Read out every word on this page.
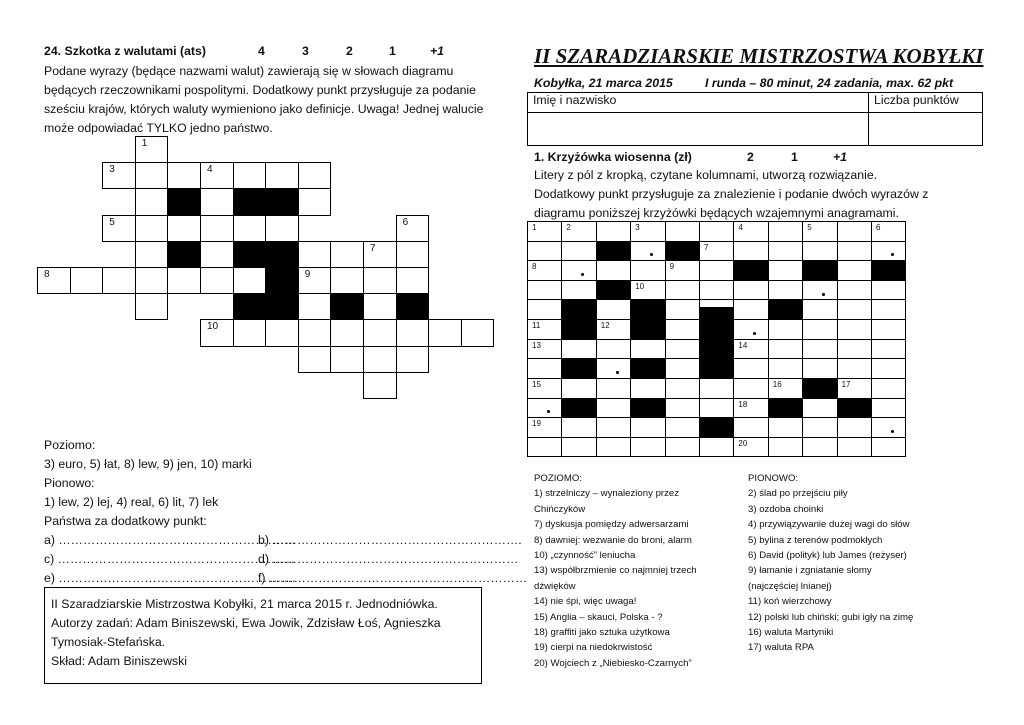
24. Szkotka z walutami (ats)	4	3	2	1	+1
Podane wyrazy (będące nazwami walut) zawierają się w słowach diagramu
będących rzeczownikami pospolitymi. Dodatkowy punkt przysługuje za podanie
sześciu krajów, których waluty wymieniono jako definicje. Uwaga! Jednej walucie
może odpowiadać TYLKO jedno państwo.
1
3	4
5	6
7
8	9
10
Poziomo:
3) euro, 5) łat, 8) lew, 9) jen, 10) marki
Pionowo:
1) lew, 2) lej, 4) real, 6) lit, 7) lek
Państwa za dodatkowy punkt:
a) ………………………………………………….
b) …………………………………………………….
c) ………………………………………………….
d) ……………………………………………………
e) ………………………………………………….
f) ………………………………………………………
II Szaradziarskie Mistrzostwa Kobyłki, 21 marca 2015 r. Jednodniówka.
Autorzy zadań: Adam Biniszewski, Ewa Jowik, Zdzisław Łoś, Agnieszka
Tymosiak-Stefańska.
Skład: Adam Biniszewski
II SZARADZIARSKIE MISTRZOSTWA KOBYŁKI
Kobyłka, 21 marca 2015	I runda – 80 minut, 24 zadania, max. 62 pkt
Imię i nazwisko	Liczba punktów

1. Krzyżówka wiosenna (zł)	2	1	+1
Litery z pól z kropką, czytane kolumnami, utworzą rozwiązanie.
Dodatkowy punkt przysługuje za znalezienie i podanie dwóch wyrazów z
diagramu poniższej krzyżówki będących wzajemnymi anagramami.
1	2	3	4	5	6
7
8	9
10
11	12
13	14
15	16	17
18
19
20
POZIOMO:
1) strzelniczy – wynaleziony przez
Chińczyków
7) dyskusja pomiędzy adwersarzami
8) dawniej: wezwanie do broni, alarm
10) „czynność” leniucha
13) współbrzmienie co najmniej trzech
dźwięków
14) nie śpi, więc uwaga!
15) Anglia – skauci, Polska - ?
18) graffiti jako sztuka użytkowa
19) cierpi na niedokrwistość
20) Wojciech z „Niebiesko-Czarnych”
PIONOWO:
2) ślad po przejściu piły
3) ozdoba choinki
4) przywiązywanie dużej wagi do słów
5) bylina z terenów podmokłych
6) David (polityk) lub James (reżyser)
9) łamanie i zgniatanie słomy
(najczęściej lnianej)
11) koń wierzchowy
12) polski lub chiński; gubi igły na zimę
16) waluta Martyniki
17) waluta RPA
